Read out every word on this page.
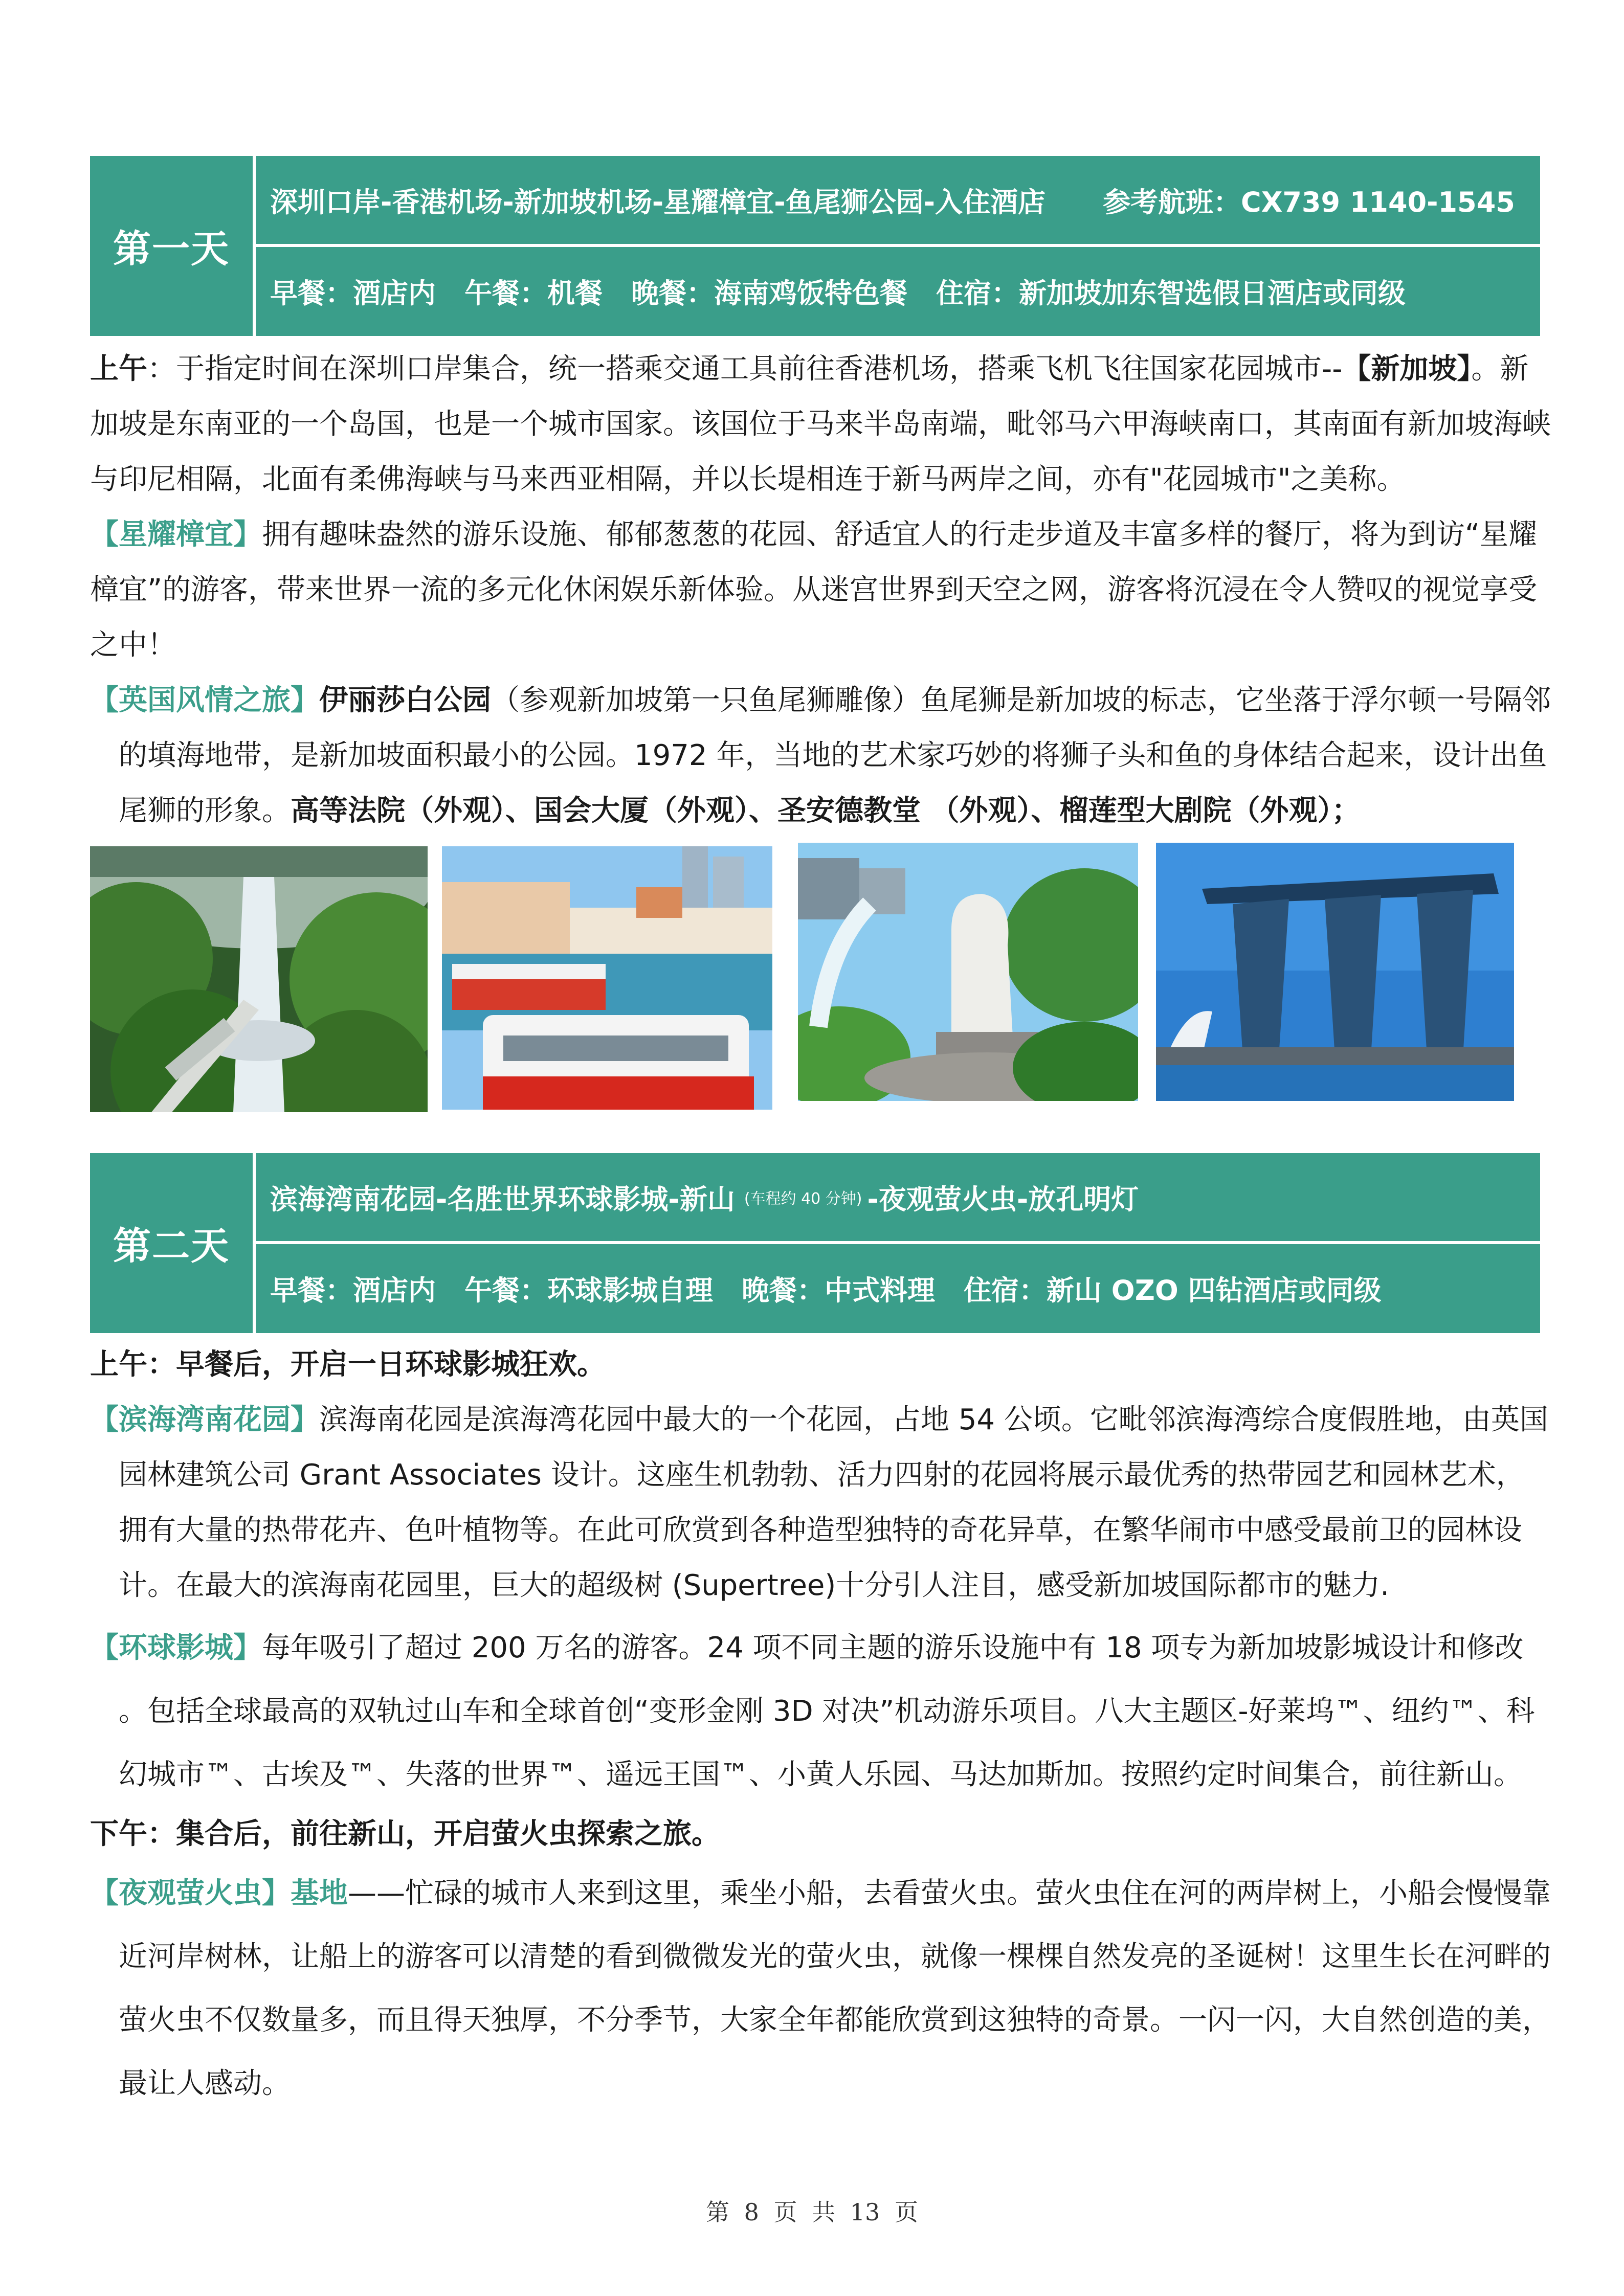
第一天
深圳口岸-香港机场-新加坡机场-星耀樟宜-鱼尾狮公园-入住酒店 参考航班：CX739 1140-1545
早餐：酒店内 午餐：机餐 晚餐：海南鸡饭特色餐 住宿：新加坡加东智选假日酒店或同级

上午：于指定时间在深圳口岸集合，统一搭乘交通工具前往香港机场，搭乘飞机飞往国家花园城市--【新加坡】。新加坡是东南亚的一个岛国，也是一个城市国家。该国位于马来半岛南端，毗邻马六甲海峡南口，其南面有新加坡海峡与印尼相隔，北面有柔佛海峡与马来西亚相隔，并以长堤相连于新马两岸之间，亦有"花园城市"之美称。

【星耀樟宜】拥有趣味盎然的游乐设施、郁郁葱葱的花园、舒适宜人的行走步道及丰富多样的餐厅，将为到访“星耀樟宜”的游客，带来世界一流的多元化休闲娱乐新体验。从迷宫世界到天空之网，游客将沉浸在令人赞叹的视觉享受之中！

【英国风情之旅】伊丽莎白公园（参观新加坡第一只鱼尾狮雕像）鱼尾狮是新加坡的标志，它坐落于浮尔顿一号隔邻的填海地带，是新加坡面积最小的公园。1972 年，当地的艺术家巧妙的将狮子头和鱼的身体结合起来，设计出鱼尾狮的形象。高等法院（外观）、国会大厦（外观）、圣安德教堂 （外观）、榴莲型大剧院（外观）；

第二天
滨海湾南花园-名胜世界环球影城-新山 (车程约 40 分钟) -夜观萤火虫-放孔明灯
早餐：酒店内 午餐：环球影城自理 晚餐：中式料理 住宿：新山 OZO 四钻酒店或同级

上午：早餐后，开启一日环球影城狂欢。

【滨海湾南花园】滨海南花园是滨海湾花园中最大的一个花园，占地 54 公顷。它毗邻滨海湾综合度假胜地，由英国园林建筑公司 Grant Associates 设计。这座生机勃勃、活力四射的花园将展示最优秀的热带园艺和园林艺术，拥有大量的热带花卉、色叶植物等。在此可欣赏到各种造型独特的奇花异草，在繁华闹市中感受最前卫的园林设计。在最大的滨海南花园里，巨大的超级树 (Supertree)十分引人注目，感受新加坡国际都市的魅力.

【环球影城】每年吸引了超过 200 万名的游客。24 项不同主题的游乐设施中有 18 项专为新加坡影城设计和修改 。包括全球最高的双轨过山车和全球首创“变形金刚 3D 对决”机动游乐项目。八大主题区-好莱坞™、纽约™、科幻城市™、古埃及™、失落的世界™、遥远王国™、小黄人乐园、马达加斯加。按照约定时间集合，前往新山。

下午：集合后，前往新山，开启萤火虫探索之旅。

【夜观萤火虫】基地——忙碌的城市人来到这里，乘坐小船，去看萤火虫。萤火虫住在河的两岸树上，小船会慢慢靠近河岸树林，让船上的游客可以清楚的看到微微发光的萤火虫，就像一棵棵自然发亮的圣诞树！这里生长在河畔的萤火虫不仅数量多，而且得天独厚，不分季节，大家全年都能欣赏到这独特的奇景。一闪一闪，大自然创造的美，最让人感动。

第 8 页 共 13 页
